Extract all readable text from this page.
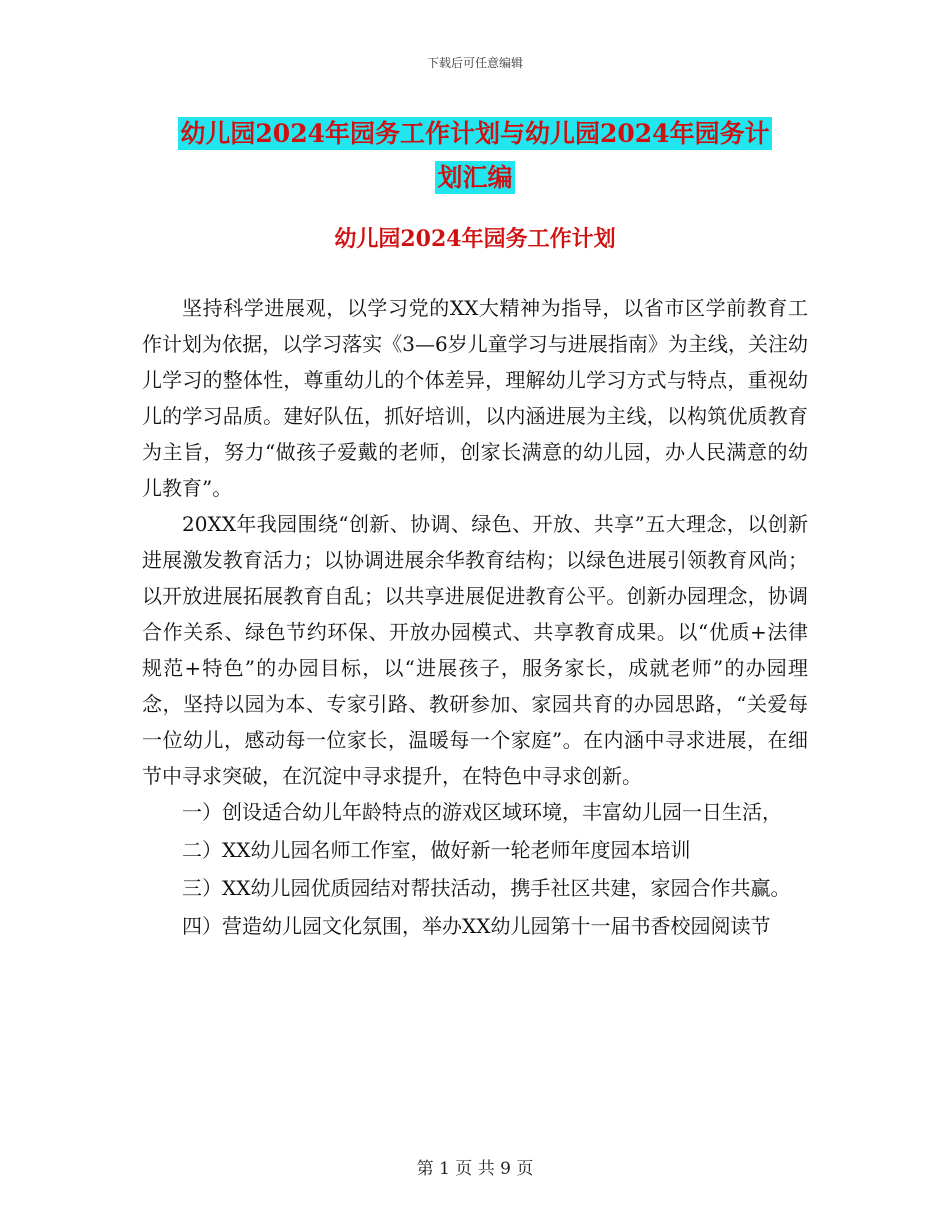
下载后可任意编辑
幼儿园2024年园务工作计划与幼儿园2024年园务计
划汇编
幼儿园2024年园务工作计划

坚持科学进展观，以学习党的XX大精神为指导，以省市区学前教育工作计划为依据，以学习落实《3—6岁儿童学习与进展指南》为主线，关注幼儿学习的整体性，尊重幼儿的个体差异，理解幼儿学习方式与特点，重视幼儿的学习品质。建好队伍，抓好培训，以内涵进展为主线，以构筑优质教育为主旨，努力“做孩子爱戴的老师，创家长满意的幼儿园，办人民满意的幼儿教育”。

20XX年我园围绕“创新、协调、绿色、开放、共享”五大理念，以创新进展激发教育活力；以协调进展余华教育结构；以绿色进展引领教育风尚；以开放进展拓展教育自乱；以共享进展促进教育公平。创新办园理念，协调合作关系、绿色节约环保、开放办园模式、共享教育成果。以“优质+法律规范+特色”的办园目标，以“进展孩子，服务家长，成就老师”的办园理念，坚持以园为本、专家引路、教研参加、家园共育的办园思路，“关爱每一位幼儿，感动每一位家长，温暖每一个家庭”。在内涵中寻求进展，在细节中寻求突破，在沉淀中寻求提升，在特色中寻求创新。

一）创设适合幼儿年龄特点的游戏区域环境，丰富幼儿园一日生活，

二）XX幼儿园名师工作室，做好新一轮老师年度园本培训

三）XX幼儿园优质园结对帮扶活动，携手社区共建，家园合作共赢。

四）营造幼儿园文化氛围，举办XX幼儿园第十一届书香校园阅读节

第 1 页 共 9 页
